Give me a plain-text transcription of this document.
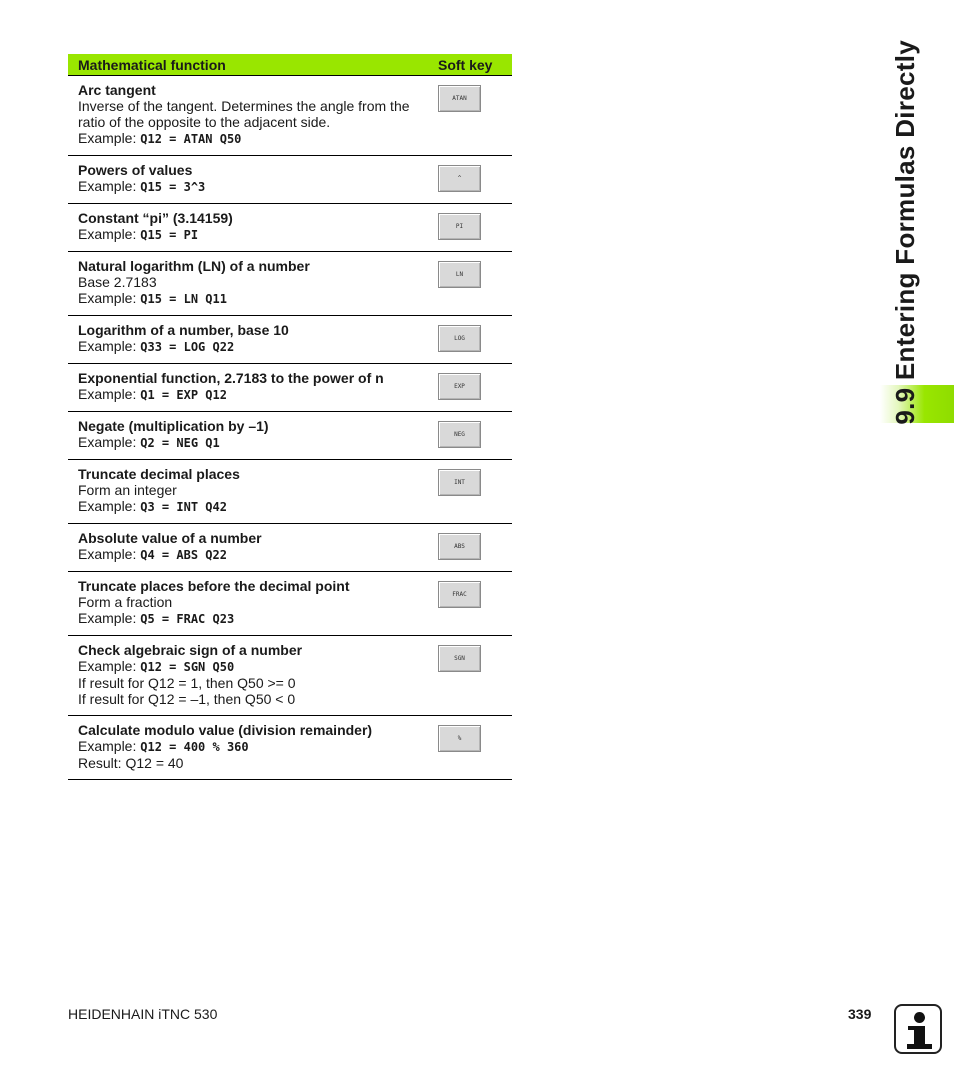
Mathematical function	Soft key
Arc tangent
Inverse of the tangent. Determines the angle from the
ratio of the opposite to the adjacent side.
Example: Q12 = ATAN Q50
ATAN
Powers of values
Example: Q15 = 3^3
^
Constant “pi” (3.14159)
Example: Q15 = PI
PI
Natural logarithm (LN) of a number
Base 2.7183
Example: Q15 = LN Q11
LN
Logarithm of a number, base 10
Example: Q33 = LOG Q22
LOG
Exponential function, 2.7183 to the power of n
Example: Q1 = EXP Q12
EXP
Negate (multiplication by –1)
Example: Q2 = NEG Q1
NEG
Truncate decimal places
Form an integer
Example: Q3 = INT Q42
INT
Absolute value of a number
Example: Q4 = ABS Q22
ABS
Truncate places before the decimal point
Form a fraction
Example: Q5 = FRAC Q23
FRAC
Check algebraic sign of a number
Example: Q12 = SGN Q50
If result for Q12 = 1, then Q50 >= 0
If result for Q12 = –1, then Q50 < 0
SGN
Calculate modulo value (division remainder)
Example: Q12 = 400 % 360
Result: Q12 = 40
%
9.9 Entering Formulas Directly
HEIDENHAIN iTNC 530	339
